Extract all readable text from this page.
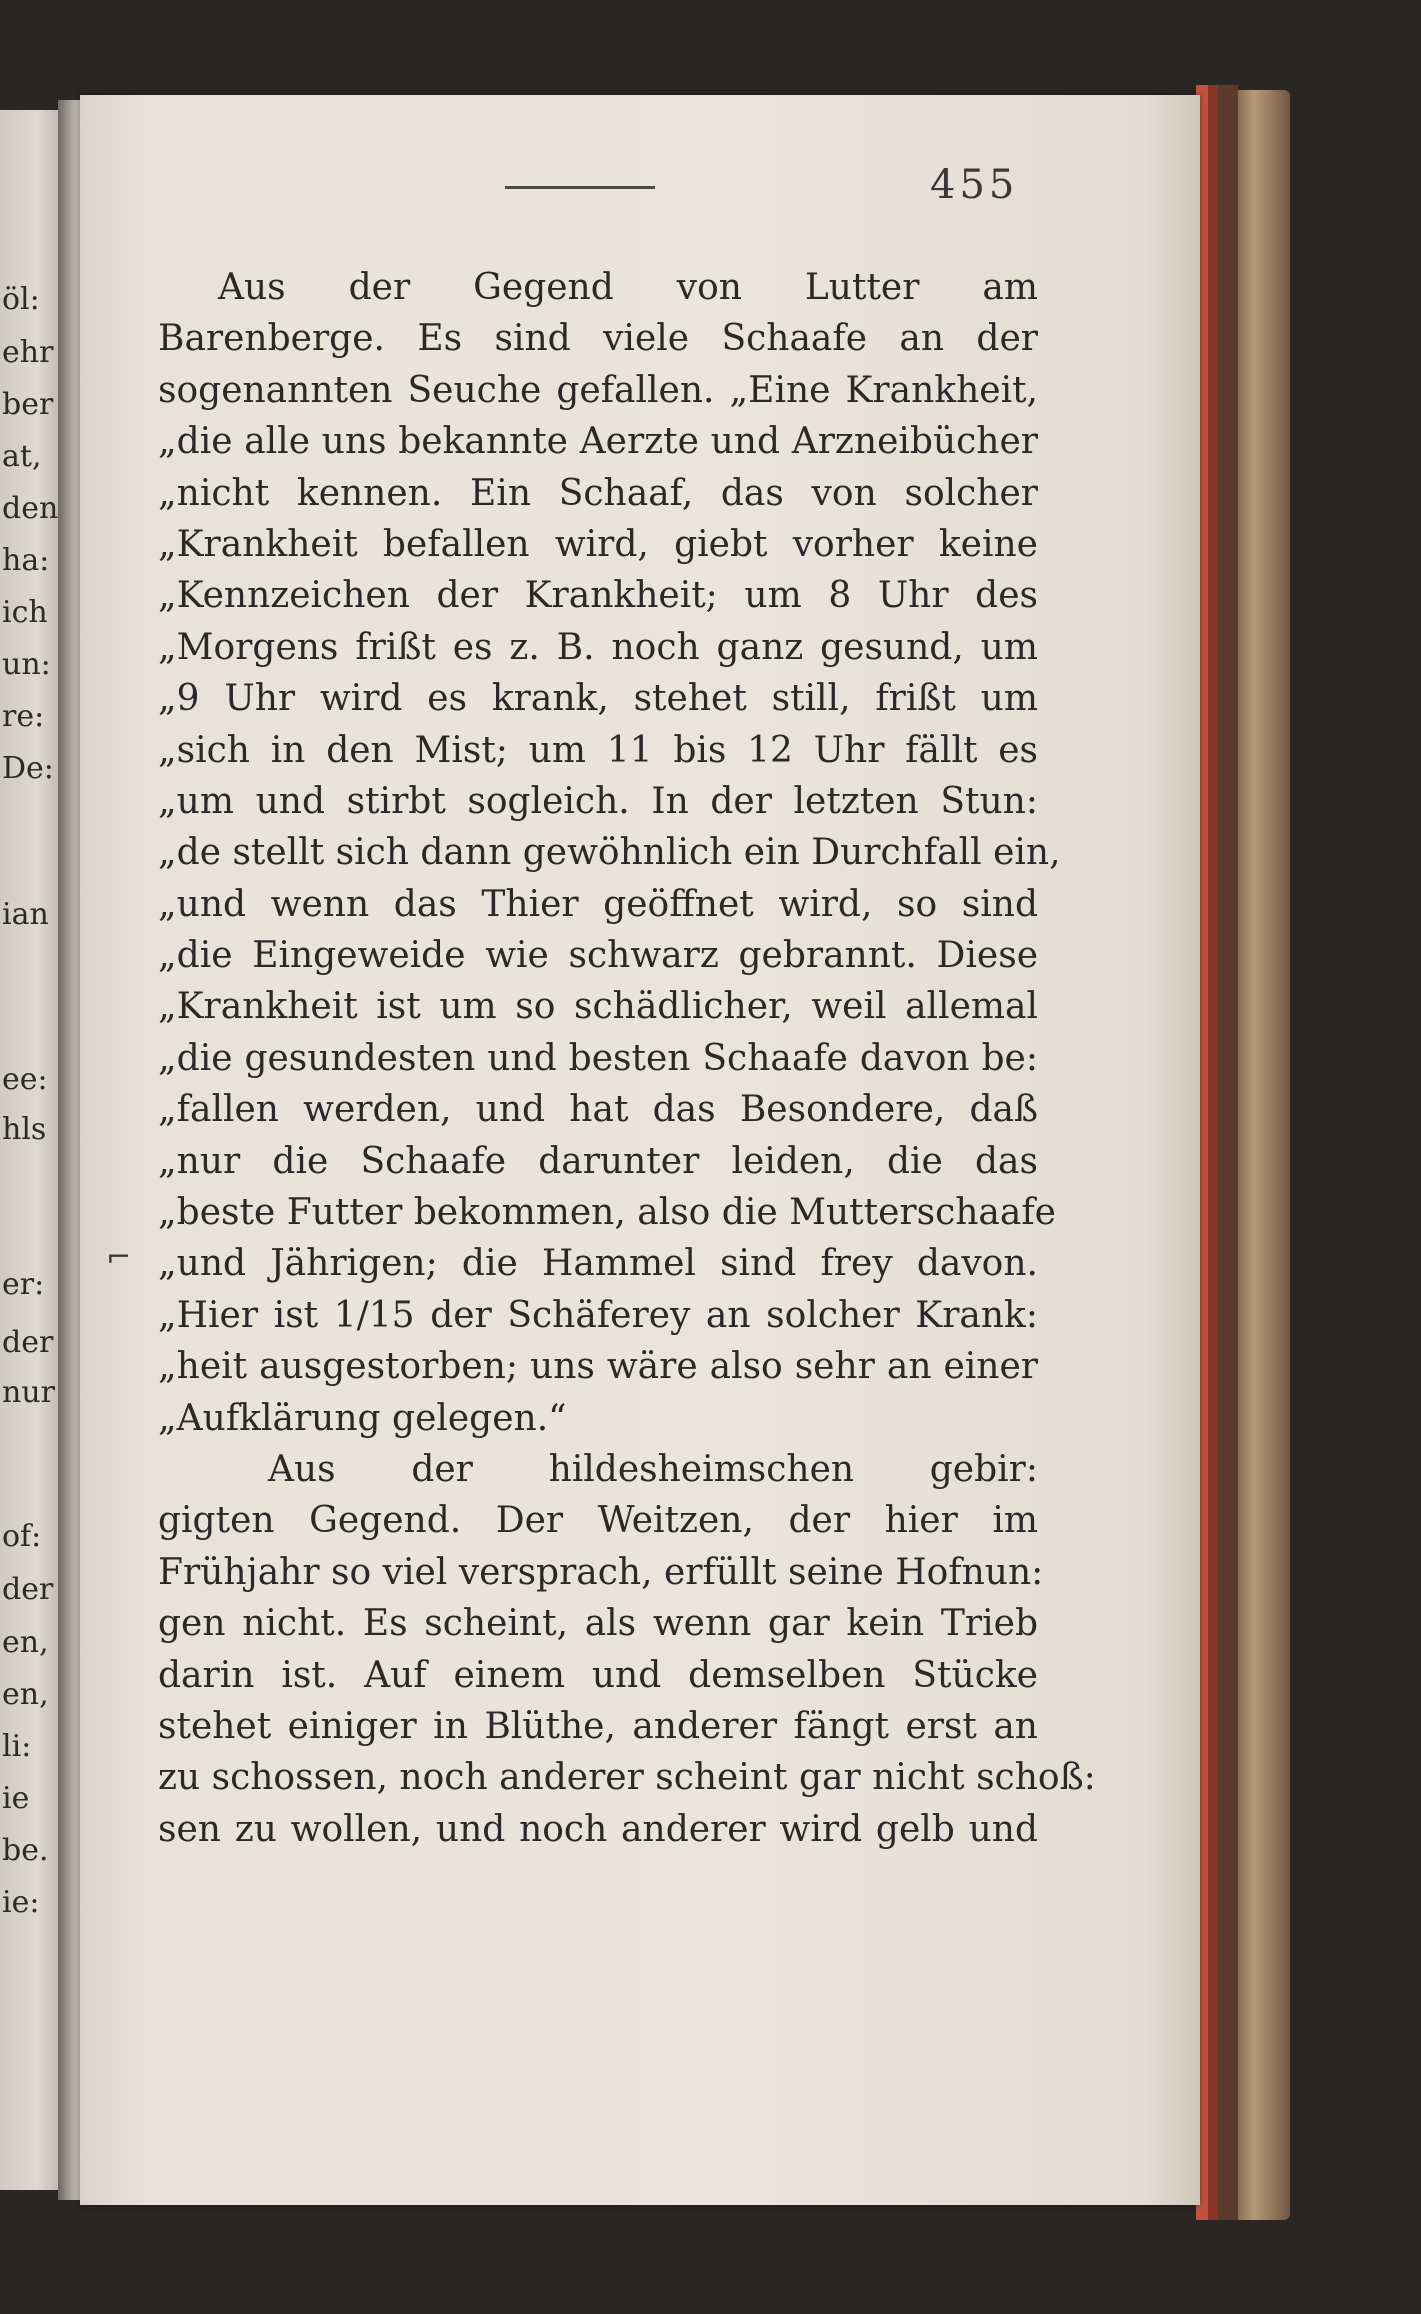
öl:
ehr
ber
at,
den
ha:
ich
un:
re:
De:
ian
ee:
hls
er:
der
nur
of:
der
en,
en,
li:
ie
be.
ie:
455
⌐
Aus der Gegend von Lutter am
Barenberge. Es sind viele Schaafe an der
sogenannten Seuche gefallen. „Eine Krankheit,
„die alle uns bekannte Aerzte und Arzneibücher
„nicht kennen. Ein Schaaf, das von solcher
„Krankheit befallen wird, giebt vorher keine
„Kennzeichen der Krankheit; um 8 Uhr des
„Morgens frißt es z. B. noch ganz gesund, um
„9 Uhr wird es krank, stehet still, frißt um
„sich in den Mist; um 11 bis 12 Uhr fällt es
„um und stirbt sogleich. In der letzten Stun:
„de stellt sich dann gewöhnlich ein Durchfall ein,
„und wenn das Thier geöffnet wird, so sind
„die Eingeweide wie schwarz gebrannt. Diese
„Krankheit ist um so schädlicher, weil allemal
„die gesundesten und besten Schaafe davon be:
„fallen werden, und hat das Besondere, daß
„nur die Schaafe darunter leiden, die das
„beste Futter bekommen, also die Mutterschaafe
„und Jährigen; die Hammel sind frey davon.
„Hier ist 1/15 der Schäferey an solcher Krank:
„heit ausgestorben; uns wäre also sehr an einer
„Aufklärung gelegen.“
Aus der hildesheimschen gebir:
gigten Gegend. Der Weitzen, der hier im
Frühjahr so viel versprach, erfüllt seine Hofnun:
gen nicht. Es scheint, als wenn gar kein Trieb
darin ist. Auf einem und demselben Stücke
stehet einiger in Blüthe, anderer fängt erst an
zu schossen, noch anderer scheint gar nicht schoß:
sen zu wollen, und noch anderer wird gelb und
